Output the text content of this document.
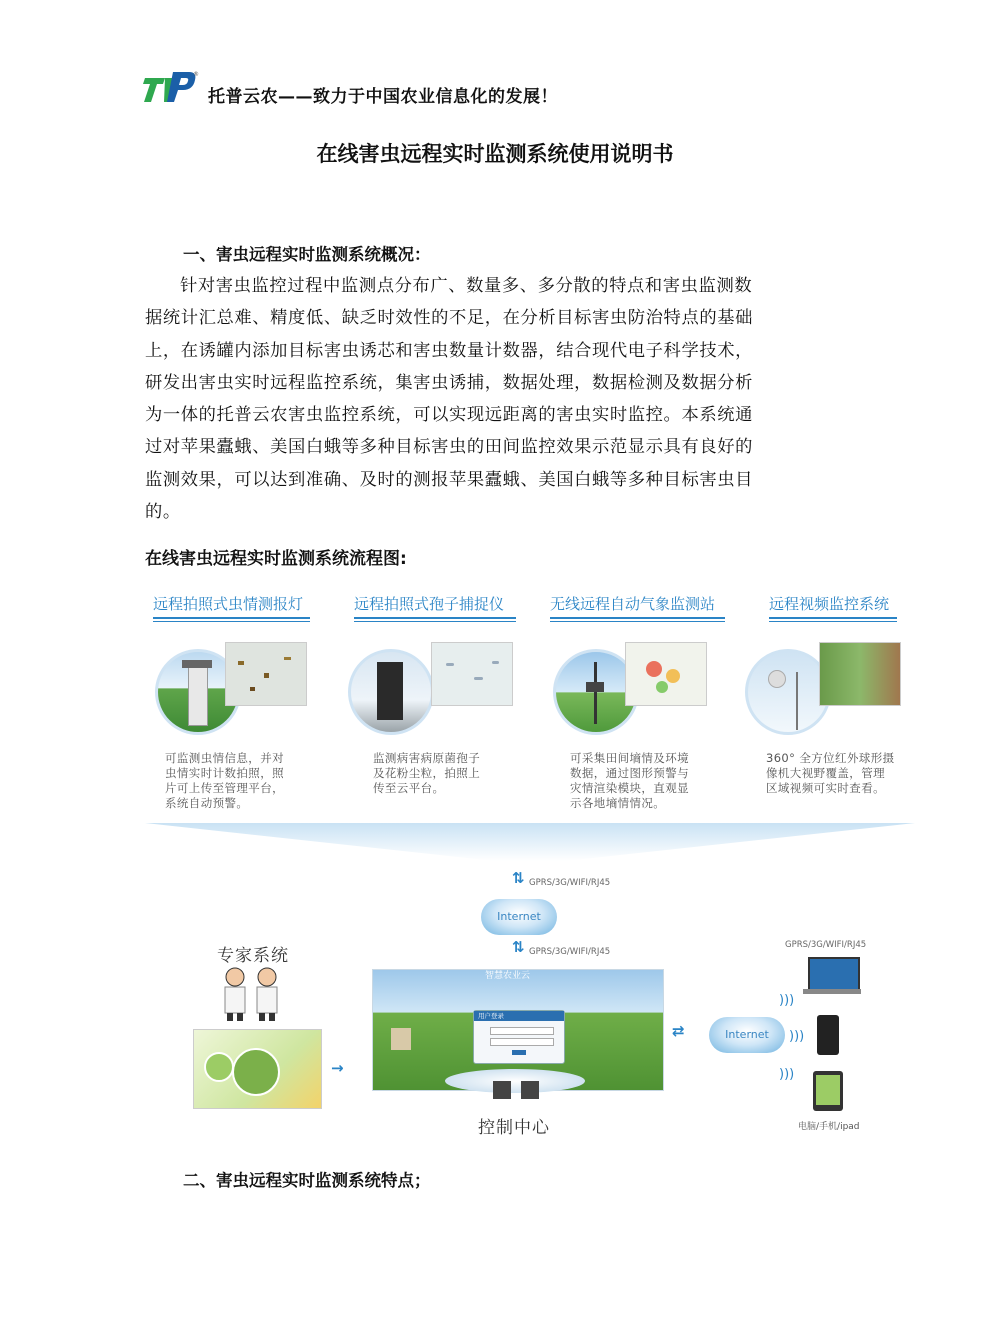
®
托普云农——致力于中国农业信息化的发展！
在线害虫远程实时监测系统使用说明书
一、害虫远程实时监测系统概况：
针对害虫监控过程中监测点分布广、数量多、多分散的特点和害虫监测数
据统计汇总难、精度低、缺乏时效性的不足，在分析目标害虫防治特点的基础
上，在诱罐内添加目标害虫诱芯和害虫数量计数器，结合现代电子科学技术，
研发出害虫实时远程监控系统，集害虫诱捕，数据处理，数据检测及数据分析
为一体的托普云农害虫监控系统，可以实现远距离的害虫实时监控。本系统通
过对苹果蠹蛾、美国白蛾等多种目标害虫的田间监控效果示范显示具有良好的
监测效果，可以达到准确、及时的测报苹果蠹蛾、美国白蛾等多种目标害虫目
的。
在线害虫远程实时监测系统流程图:
远程拍照式虫情测报灯
可监测虫情信息，并对
虫情实时计数拍照，照
片可上传至管理平台，
系统自动预警。
远程拍照式孢子捕捉仪
监测病害病原菌孢子
及花粉尘粒，拍照上
传至云平台。
无线远程自动气象监测站
可采集田间墒情及环境
数据，通过图形预警与
灾情渲染模块，直观显
示各地墒情情况。
远程视频监控系统
360° 全方位红外球形摄
像机大视野覆盖，管理
区域视频可实时查看。
⇅ GPRS/3G/WIFI/RJ45
Internet
⇅ GPRS/3G/WIFI/RJ45
专家系统
→
智慧农业云
用户登录
控制中心
⇄	Internet
GPRS/3G/WIFI/RJ45
)))
)))
)))
电脑/手机/ipad
二、害虫远程实时监测系统特点；
